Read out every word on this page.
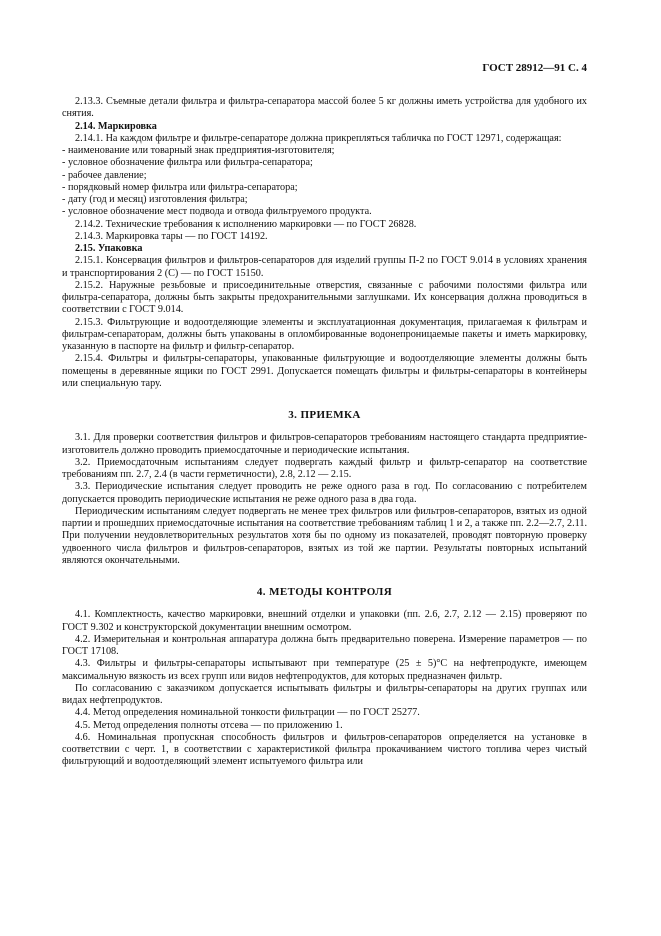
ГОСТ 28912—91 С. 4

2.13.3. Съемные детали фильтра и фильтра-сепаратора массой более 5 кг должны иметь устройства для удобного их снятия.

2.14. Маркировка

2.14.1. На каждом фильтре и фильтре-сепараторе должна прикрепляться табличка по ГОСТ 12971, содержащая:

- наименование или товарный знак предприятия-изготовителя;

- условное обозначение фильтра или фильтра-сепаратора;

- рабочее давление;

- порядковый номер фильтра или фильтра-сепаратора;

- дату (год и месяц) изготовления фильтра;

- условное обозначение мест подвода и отвода фильтруемого продукта.

2.14.2. Технические требования к исполнению маркировки — по ГОСТ 26828.

2.14.3. Маркировка тары — по ГОСТ 14192.

2.15. Упаковка

2.15.1. Консервация фильтров и фильтров-сепараторов для изделий группы П-2 по ГОСТ 9.014 в условиях хранения и транспортирования 2 (С) — по ГОСТ 15150.

2.15.2. Наружные резьбовые и присоединительные отверстия, связанные с рабочими полостями фильтра или фильтра-сепаратора, должны быть закрыты предохранительными заглушками. Их консервация должна проводиться в соответствии с ГОСТ 9.014.

2.15.3. Фильтрующие и водоотделяющие элементы и эксплуатационная документация, прилагаемая к фильтрам и фильтрам-сепараторам, должны быть упакованы в опломбированные водонепроницаемые пакеты и иметь маркировку, указанную в паспорте на фильтр и фильтр-сепаратор.

2.15.4. Фильтры и фильтры-сепараторы, упакованные фильтрующие и водоотделяющие элементы должны быть помещены в деревянные ящики по ГОСТ 2991. Допускается помещать фильтры и фильтры-сепараторы в контейнеры или специальную тару.

3. ПРИЕМКА

3.1. Для проверки соответствия фильтров и фильтров-сепараторов требованиям настоящего стандарта предприятие-изготовитель должно проводить приемосдаточные и периодические испытания.

3.2. Приемосдаточным испытаниям следует подвергать каждый фильтр и фильтр-сепаратор на соответствие требованиям пп. 2.7, 2.4 (в части герметичности), 2.8, 2.12 — 2.15.

3.3. Периодические испытания следует проводить не реже одного раза в год. По согласованию с потребителем допускается проводить периодические испытания не реже одного раза в два года.

Периодическим испытаниям следует подвергать не менее трех фильтров или фильтров-сепараторов, взятых из одной партии и прошедших приемосдаточные испытания на соответствие требованиям таблиц 1 и 2, а также пп. 2.2—2.7, 2.11. При получении неудовлетворительных результатов хотя бы по одному из показателей, проводят повторную проверку удвоенного числа фильтров и фильтров-сепараторов, взятых из той же партии. Результаты повторных испытаний являются окончательными.

4. МЕТОДЫ КОНТРОЛЯ

4.1. Комплектность, качество маркировки, внешний отделки и упаковки (пп. 2.6, 2.7, 2.12 — 2.15) проверяют по ГОСТ 9.302 и конструкторской документации внешним осмотром.

4.2. Измерительная и контрольная аппаратура должна быть предварительно поверена. Измерение параметров — по ГОСТ 17108.

4.3. Фильтры и фильтры-сепараторы испытывают при температуре (25 ± 5)°С на нефтепродукте, имеющем максимальную вязкость из всех групп или видов нефтепродуктов, для которых предназначен фильтр.

По согласованию с заказчиком допускается испытывать фильтры и фильтры-сепараторы на других группах или видах нефтепродуктов.

4.4. Метод определения номинальной тонкости фильтрации — по ГОСТ 25277.

4.5. Метод определения полноты отсева — по приложению 1.

4.6. Номинальная пропускная способность фильтров и фильтров-сепараторов определяется на установке в соответствии с черт. 1, в соответствии с характеристикой фильтра прокачиванием чистого топлива через чистый фильтрующий и водоотделяющий элемент испытуемого фильтра или
